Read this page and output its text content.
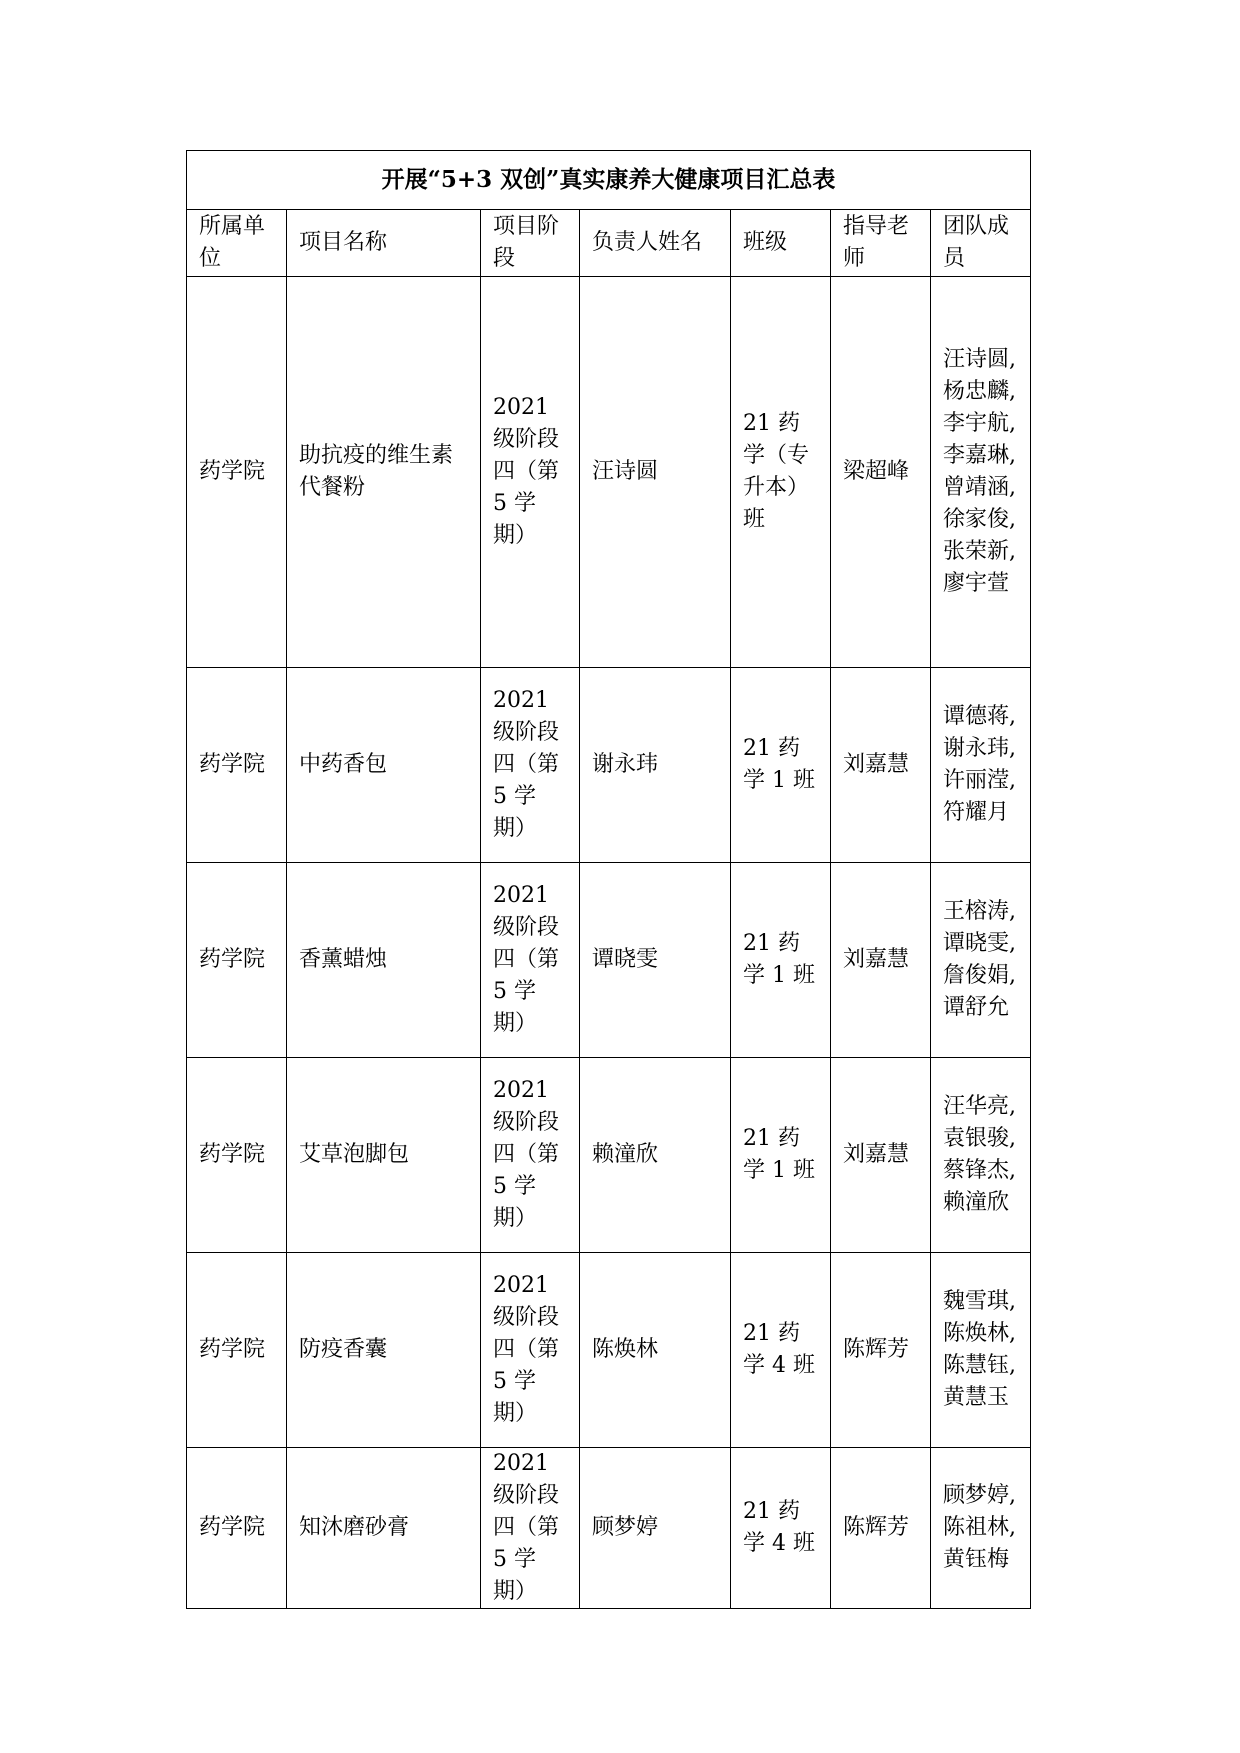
开展“5+3 双创”真实康养大健康项目汇总表						
所属单位	项目名称	项目阶段	负责人姓名	班级	指导老师	团队成员
药学院	助抗疫的维生素代餐粉	2021 级阶段四（第 5 学期）	汪诗圆	21 药学（专升本）班	梁超峰	汪诗圆,杨忠麟,李宇航,李嘉琳,曾靖涵,徐家俊,张荣新,廖宇萱
药学院	中药香包	2021 级阶段四（第 5 学期）	谢永玮	21 药学 1 班	刘嘉慧	谭德蒋,谢永玮,许丽滢,符耀月
药学院	香薰蜡烛	2021 级阶段四（第 5 学期）	谭晓雯	21 药学 1 班	刘嘉慧	王榕涛,谭晓雯,詹俊娟,谭舒允
药学院	艾草泡脚包	2021 级阶段四（第 5 学期）	赖潼欣	21 药学 1 班	刘嘉慧	汪华亮,袁银骏,蔡锋杰,赖潼欣
药学院	防疫香囊	2021 级阶段四（第 5 学期）	陈焕林	21 药学 4 班	陈辉芳	魏雪琪,陈焕林,陈慧钰,黄慧玉
药学院	知沐磨砂膏	2021 级阶段四（第 5 学期）	顾梦婷	21 药学 4 班	陈辉芳	顾梦婷,陈祖林,黄钰梅
